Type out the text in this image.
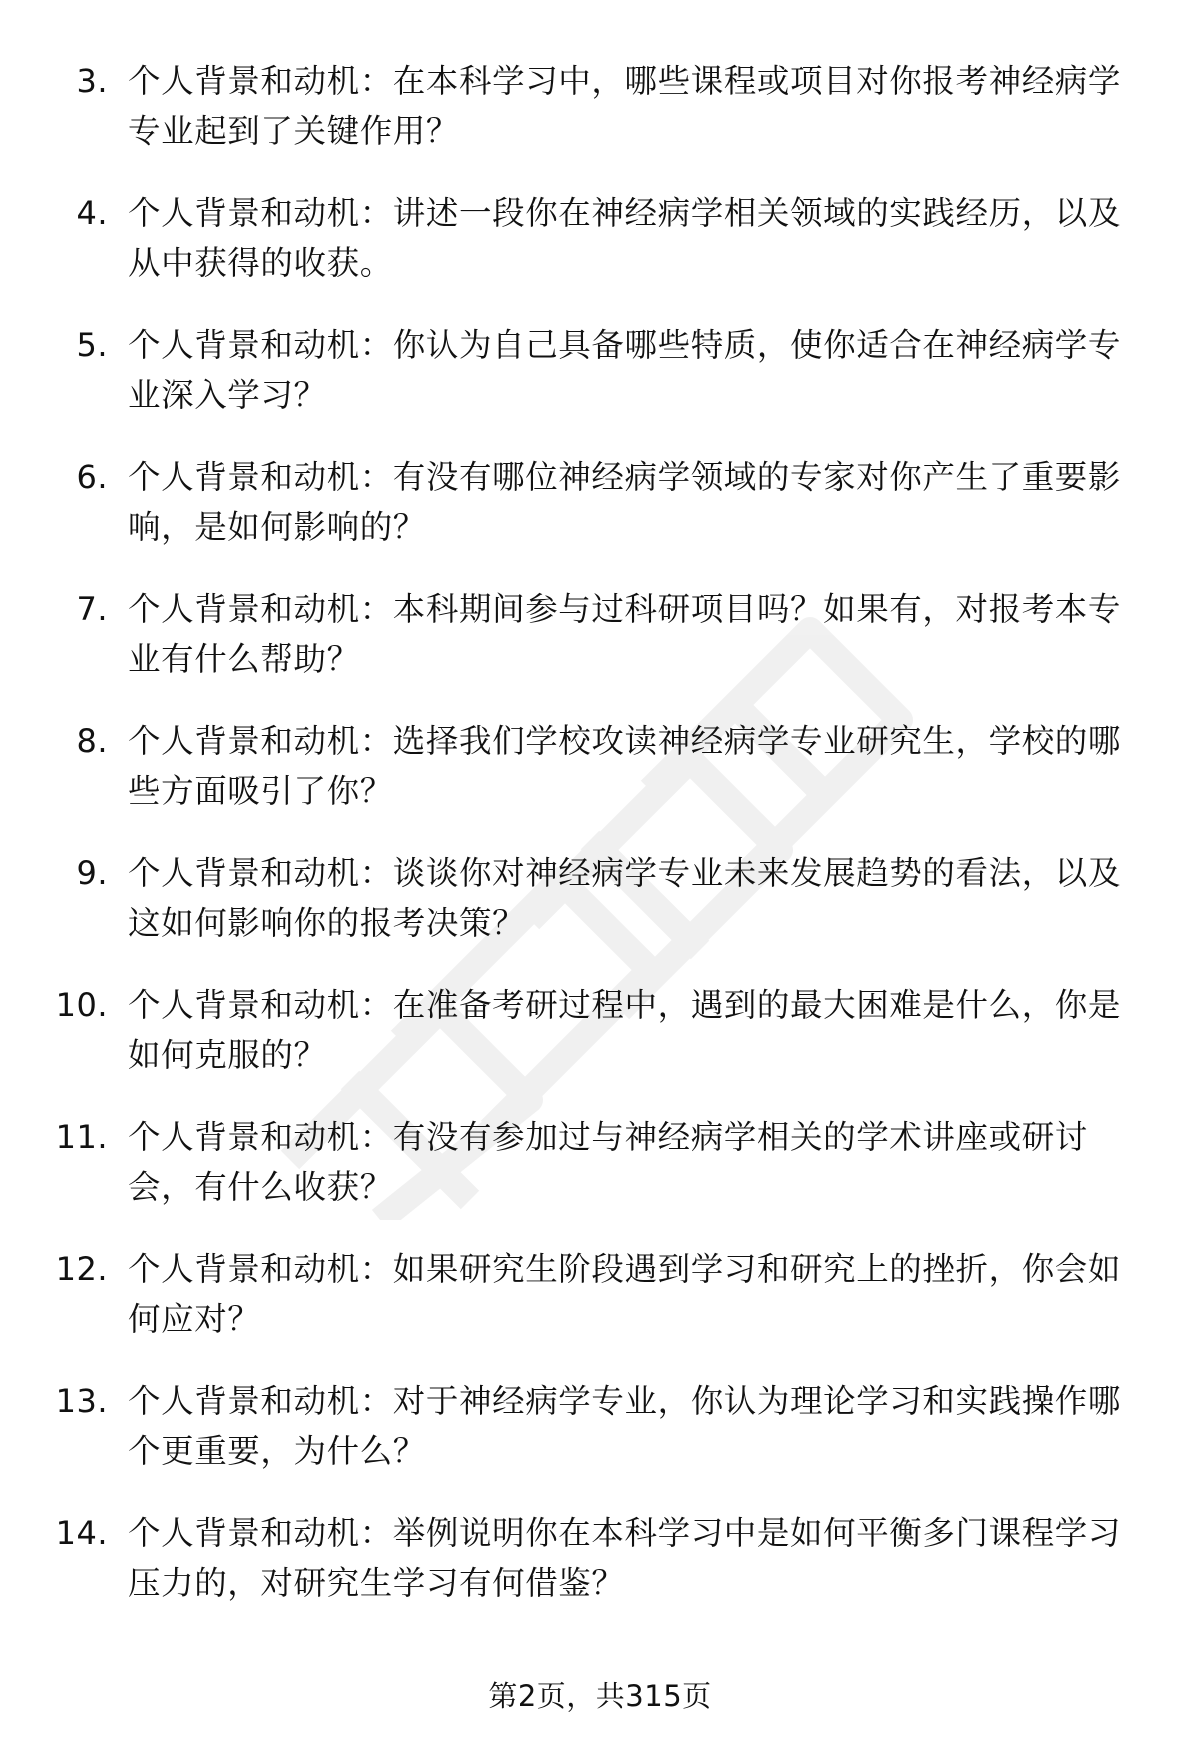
3. 个人背景和动机：在本科学习中，哪些课程或项目对你报考神经病学专业起到了关键作用？
4. 个人背景和动机：讲述一段你在神经病学相关领域的实践经历，以及从中获得的收获。
5. 个人背景和动机：你认为自己具备哪些特质，使你适合在神经病学专业深入学习？
6. 个人背景和动机：有没有哪位神经病学领域的专家对你产生了重要影响，是如何影响的？
7. 个人背景和动机：本科期间参与过科研项目吗？如果有，对报考本专业有什么帮助？
8. 个人背景和动机：选择我们学校攻读神经病学专业研究生，学校的哪些方面吸引了你？
9. 个人背景和动机：谈谈你对神经病学专业未来发展趋势的看法，以及这如何影响你的报考决策？
10. 个人背景和动机：在准备考研过程中，遇到的最大困难是什么，你是如何克服的？
11. 个人背景和动机：有没有参加过与神经病学相关的学术讲座或研讨会，有什么收获？
12. 个人背景和动机：如果研究生阶段遇到学习和研究上的挫折，你会如何应对？
13. 个人背景和动机：对于神经病学专业，你认为理论学习和实践操作哪个更重要，为什么？
14. 个人背景和动机：举例说明你在本科学习中是如何平衡多门课程学习压力的，对研究生学习有何借鉴？
第2页，共315页
